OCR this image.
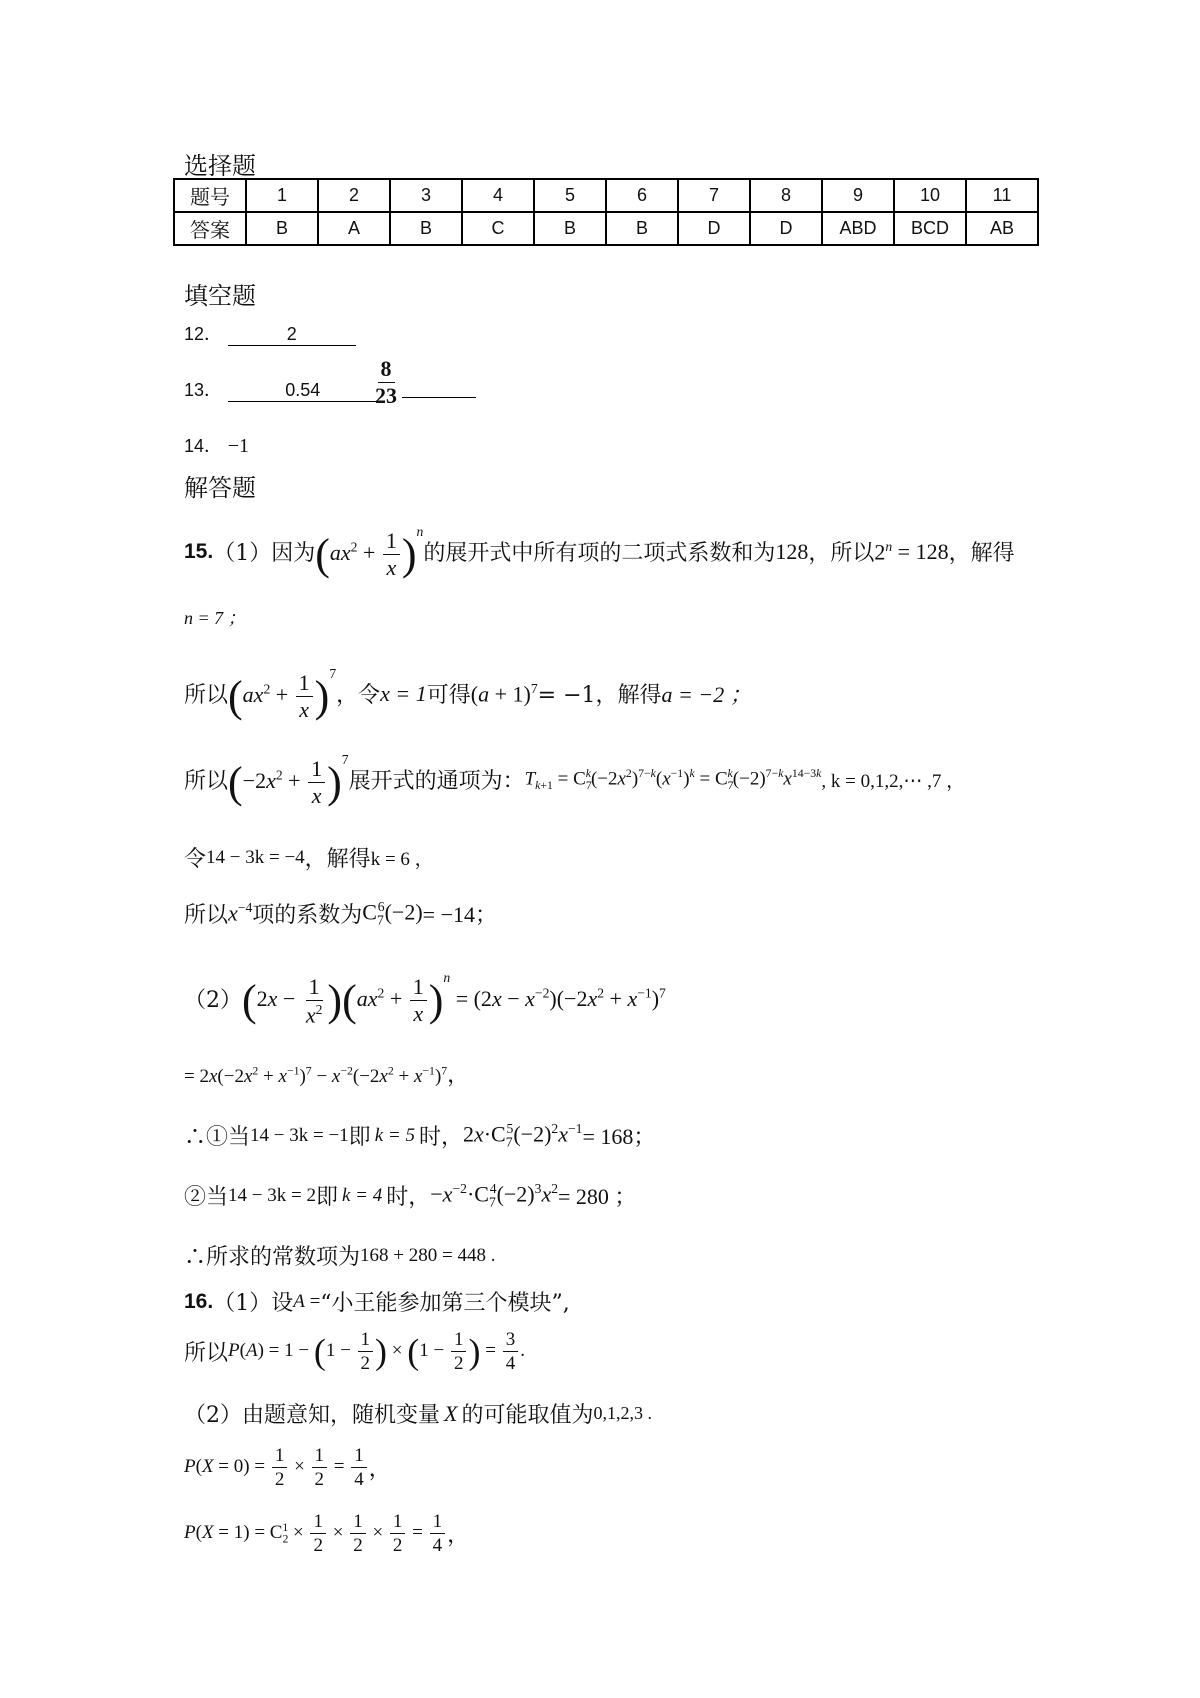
选择题
题号	1	2	3	4	5	6	7	8	9	10	11
答案	B	A	B	C	B	B	D	D	ABD	BCD	AB
填空题
12．	2
13．	0.54	$\frac{8}{23}$
14． −1
解答题
15. （1）因为 $(ax^2 + \frac{1}{x} )^n$
的展开式中所有项的二项式系数和为 128 ，所以 $2^n = 128$ ，解得
n = 7 ；
所以 $(ax^2 + \frac{1}{x} )^7$
，令 x = 1 可得 $(a + 1)^7 = -1$，解得 a = −2 ；
所以 $(-2x^2 + \frac{1}{x} )^7$
展开式的通项为： $T_{k+1} = C_7^k(-2x^2)^{7-k}(x^{-1})^k = C_7^k(-2)^{7-k}x^{14-3k}$ , k = 0,1,2,⋯ ,7 ，
令 14 − 3k = −4 ，解得 k = 6 ，
所以 $x^{-4}$ 项的系数为 $C_7^6(-2) = -14$；
（2） $(2x - \frac{1}{x^2} )(ax^2 + \frac{1}{x} )^n = (2x - x^{-2})(-2x^2 + x^{-1})^7$
= $2x(-2x^2 + x^{-1})^7 - x^{-2}(-2x^2 + x^{-1})^7$，
∴①当 14 − 3k = −1 即 k = 5 时， $2x\cdot C_7^5(-2)^2x^{-1} = 168$；
②当 14 − 3k = 2 即 k = 4 时， $-x^{-2}\cdot C_7^4(-2)^3x^2 = 280$ ；
∴所求的常数项为 168 + 280 = 448 .
16. （1）设 A = “小王能参加第三个模块”,
所以 $P(A) = 1 - (1 - \frac{1}{2}$ ) × ($1 - \frac{1}{2}$ ) = $\frac{3}{4}$ .
（2）由题意知，随机变量 X 的可能取值为 0,1,2,3 .
$P(X = 0) = \frac{1}{2} \times \frac{1}{2} = \frac{1}{4}$ ，
$P(X = 1) = C_2^1 \times \frac{1}{2} \times \frac{1}{2} \times \frac{1}{2} = \frac{1}{4}$ ，
